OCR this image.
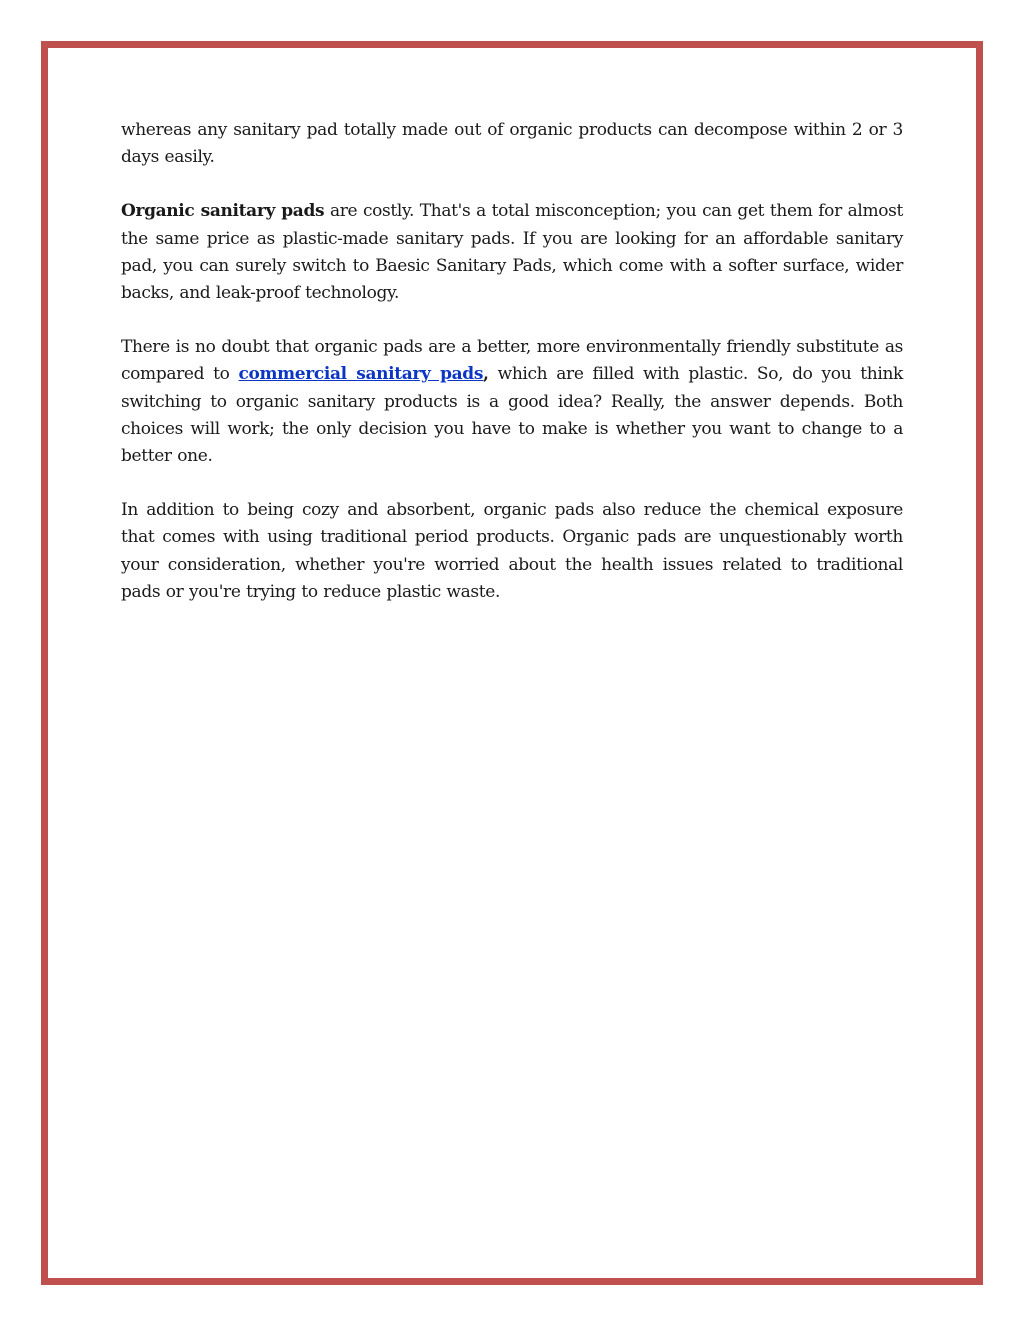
whereas any sanitary pad totally made out of organic products can decompose within 2 or 3 days easily.

Organic sanitary pads are costly. That's a total misconception; you can get them for almost the same price as plastic-made sanitary pads. If you are looking for an affordable sanitary pad, you can surely switch to Baesic Sanitary Pads, which come with a softer surface, wider backs, and leak-proof technology.

There is no doubt that organic pads are a better, more environmentally friendly substitute as compared to commercial sanitary pads, which are filled with plastic. So, do you think switching to organic sanitary products is a good idea? Really, the answer depends. Both choices will work; the only decision you have to make is whether you want to change to a better one.

In addition to being cozy and absorbent, organic pads also reduce the chemical exposure that comes with using traditional period products. Organic pads are unquestionably worth your consideration, whether you're worried about the health issues related to traditional pads or you're trying to reduce plastic waste.
